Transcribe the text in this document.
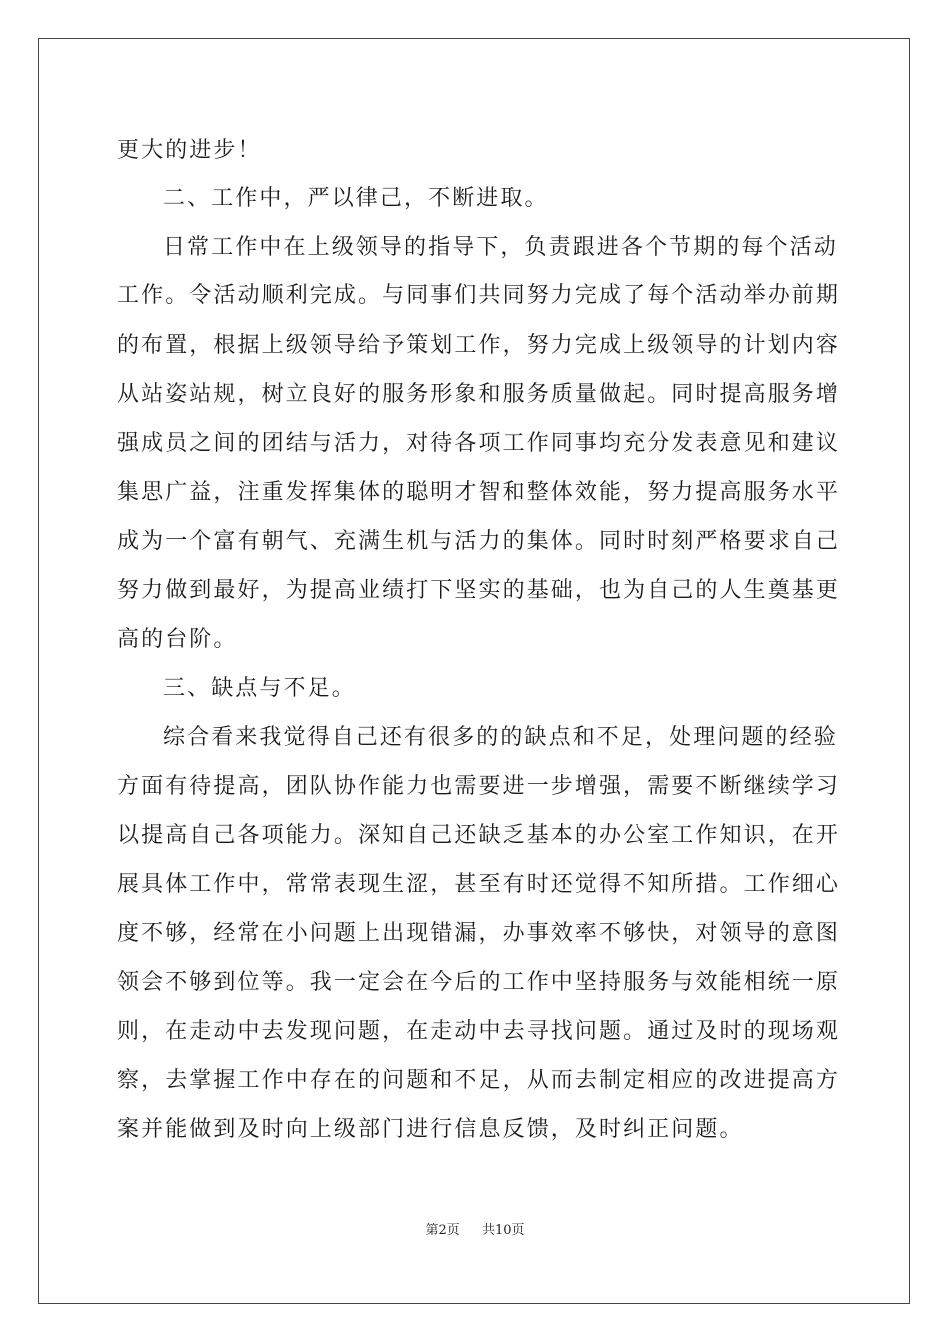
更大的进步！
二、工作中，严以律己，不断进取。
日常工作中在上级领导的指导下，负责跟进各个节期的每个活动
工作。令活动顺利完成。与同事们共同努力完成了每个活动举办前期
的布置，根据上级领导给予策划工作，努力完成上级领导的计划内容
从站姿站规，树立良好的服务形象和服务质量做起。同时提高服务增
强成员之间的团结与活力，对待各项工作同事均充分发表意见和建议
集思广益，注重发挥集体的聪明才智和整体效能，努力提高服务水平
成为一个富有朝气、充满生机与活力的集体。同时时刻严格要求自己
努力做到最好，为提高业绩打下坚实的基础，也为自己的人生奠基更
高的台阶。
三、缺点与不足。
综合看来我觉得自己还有很多的的缺点和不足，处理问题的经验
方面有待提高，团队协作能力也需要进一步增强，需要不断继续学习
以提高自己各项能力。深知自己还缺乏基本的办公室工作知识，在开
展具体工作中，常常表现生涩，甚至有时还觉得不知所措。工作细心
度不够，经常在小问题上出现错漏，办事效率不够快，对领导的意图
领会不够到位等。我一定会在今后的工作中坚持服务与效能相统一原
则，在走动中去发现问题，在走动中去寻找问题。通过及时的现场观
察，去掌握工作中存在的问题和不足，从而去制定相应的改进提高方
案并能做到及时向上级部门进行信息反馈，及时纠正问题。
第2页 共10页
